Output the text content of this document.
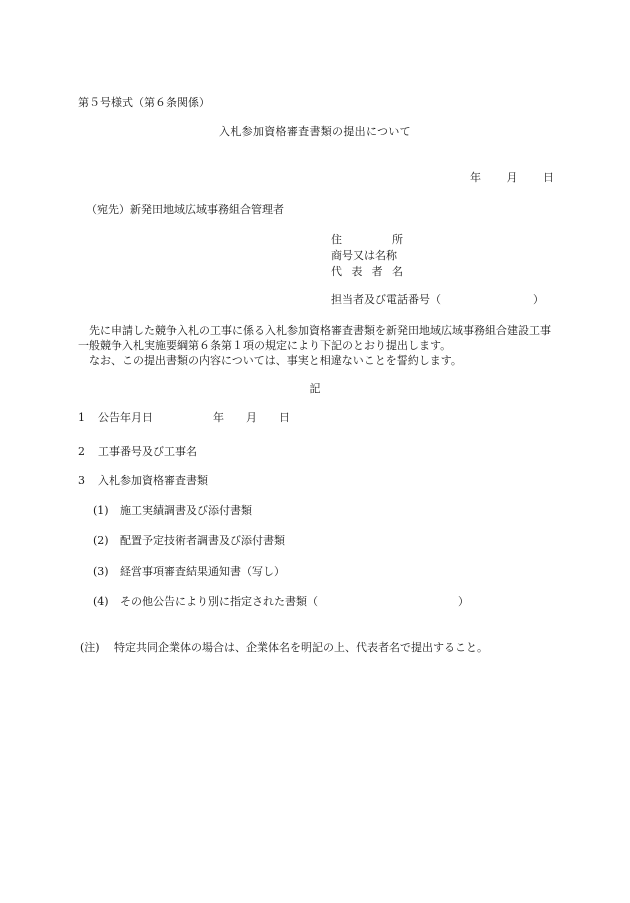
第５号様式（第６条関係）
入札参加資格審査書類の提出について
年 月 日
（宛先）新発田地域広域事務組合管理者
住　所
商号又は名称
代表者名
担当者及び電話番号（	）

先に申請した競争入札の工事に係る入札参加資格審査書類を新発田地域広域事務組合建設工事一般競争入札実施要綱第６条第１項の規定により下記のとおり提出します。

なお、この提出書類の内容については、事実と相違ないことを誓約します。

記
1 公告年月日	年 月 日
2 工事番号及び工事名
3 入札参加資格審査書類
(1) 施工実績調書及び添付書類
(2) 配置予定技術者調書及び添付書類
(3) 経営事項審査結果通知書（写し）
(4) その他公告により別に指定された書類（	）
(注) 特定共同企業体の場合は、企業体名を明記の上、代表者名で提出すること。
